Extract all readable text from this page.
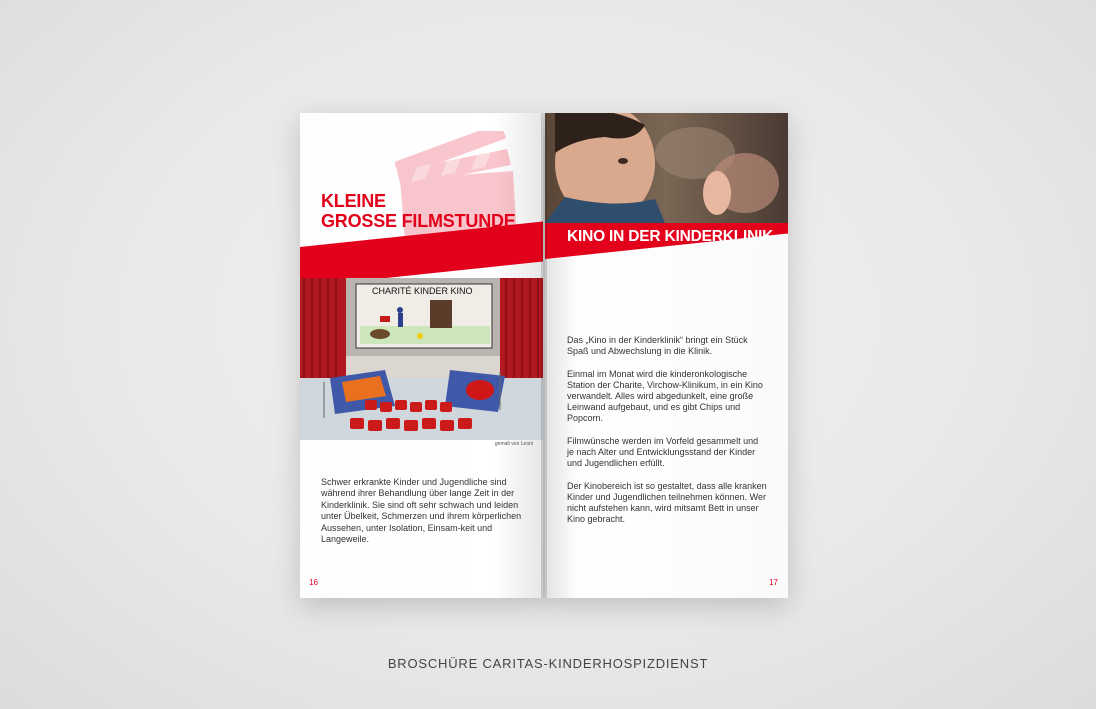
KLEINE
GROSSE FILMSTUNDE
CHARITÉ KINDER KINO
gemalt von Leoni
Schwer erkrankte Kinder und Jugendliche sind während ihrer Behandlung über lange Zeit in der Kinderklinik. Sie sind oft sehr schwach und leiden unter Übelkeit, Schmerzen und ihrem körperlichen Aussehen, unter Isolation, Einsam-keit und Langeweile.
16
KINO IN DER KINDERKLINIK

Das „Kino in der Kinderklinik“ bringt ein Stück Spaß und Abwechslung in die Klinik.

Einmal im Monat wird die kinderonkologische Station der Charite, Virchow-Klinikum, in ein Kino verwandelt. Alles wird abgedunkelt, eine große Leinwand aufgebaut, und es gibt Chips und Popcorn.

Filmwünsche werden im Vorfeld gesammelt und je nach Alter und Entwicklungsstand der Kinder und Jugendlichen erfüllt.

Der Kinobereich ist so gestaltet, dass alle kranken Kinder und Jugendlichen teilnehmen können. Wer nicht aufstehen kann, wird mitsamt Bett in unser Kino gebracht.

17
BROSCHÜRE CARITAS-KINDERHOSPIZDIENST
